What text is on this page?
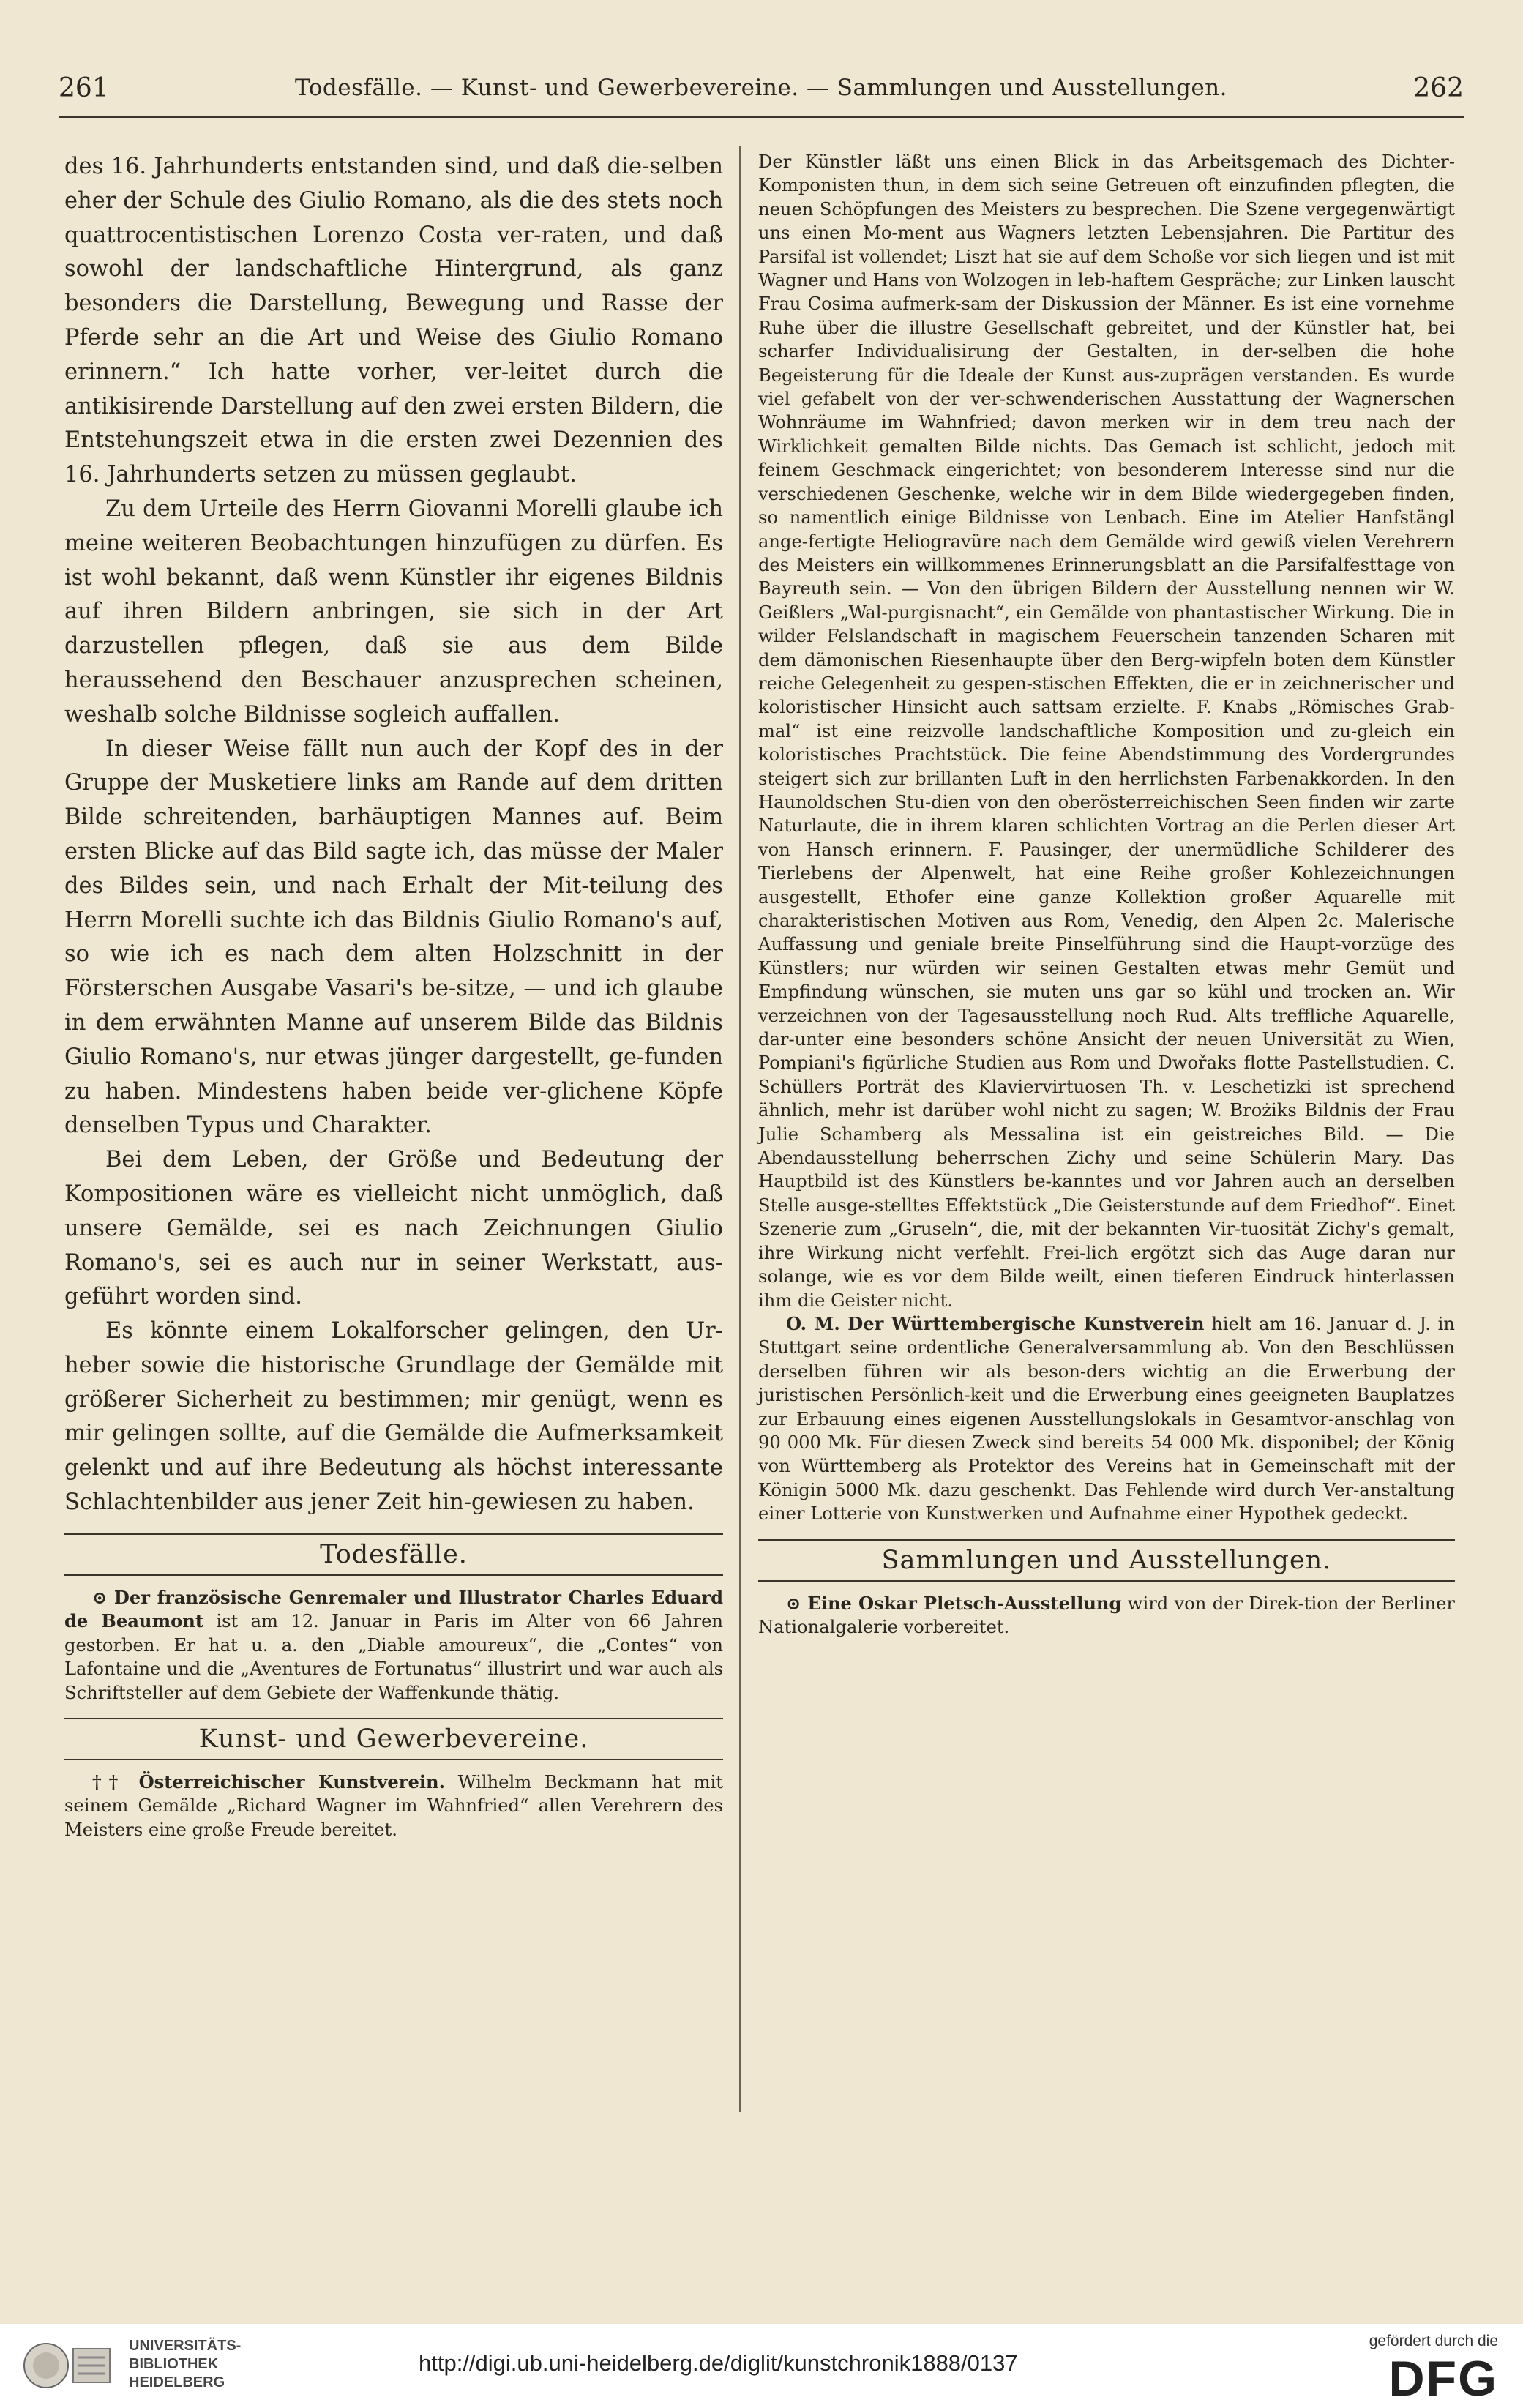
261	Todesfälle. — Kunst- und Gewerbevereine. — Sammlungen und Ausstellungen.	262

des 16. Jahrhunderts entstanden sind, und daß die-selben eher der Schule des Giulio Romano, als die des stets noch quattrocentistischen Lorenzo Costa ver-raten, und daß sowohl der landschaftliche Hintergrund, als ganz besonders die Darstellung, Bewegung und Rasse der Pferde sehr an die Art und Weise des Giulio Romano erinnern.“ Ich hatte vorher, ver-leitet durch die antikisirende Darstellung auf den zwei ersten Bildern, die Entstehungszeit etwa in die ersten zwei Dezennien des 16. Jahrhunderts setzen zu müssen geglaubt.

Zu dem Urteile des Herrn Giovanni Morelli glaube ich meine weiteren Beobachtungen hinzufügen zu dürfen. Es ist wohl bekannt, daß wenn Künstler ihr eigenes Bildnis auf ihren Bildern anbringen, sie sich in der Art darzustellen pflegen, daß sie aus dem Bilde heraussehend den Beschauer anzusprechen scheinen, weshalb solche Bildnisse sogleich auffallen.

In dieser Weise fällt nun auch der Kopf des in der Gruppe der Musketiere links am Rande auf dem dritten Bilde schreitenden, barhäuptigen Mannes auf. Beim ersten Blicke auf das Bild sagte ich, das müsse der Maler des Bildes sein, und nach Erhalt der Mit-teilung des Herrn Morelli suchte ich das Bildnis Giulio Romano's auf, so wie ich es nach dem alten Holzschnitt in der Försterschen Ausgabe Vasari's be-sitze, — und ich glaube in dem erwähnten Manne auf unserem Bilde das Bildnis Giulio Romano's, nur etwas jünger dargestellt, ge-funden zu haben. Mindestens haben beide ver-glichene Köpfe denselben Typus und Charakter.

Bei dem Leben, der Größe und Bedeutung der Kompositionen wäre es vielleicht nicht unmöglich, daß unsere Gemälde, sei es nach Zeichnungen Giulio Romano's, sei es auch nur in seiner Werkstatt, aus-geführt worden sind.

Es könnte einem Lokalforscher gelingen, den Ur-heber sowie die historische Grundlage der Gemälde mit größerer Sicherheit zu bestimmen; mir genügt, wenn es mir gelingen sollte, auf die Gemälde die Aufmerksamkeit gelenkt und auf ihre Bedeutung als höchst interessante Schlachtenbilder aus jener Zeit hin-gewiesen zu haben.

Todesfälle.

⊙ Der französische Genremaler und Illustrator Charles Eduard de Beaumont ist am 12. Januar in Paris im Alter von 66 Jahren gestorben. Er hat u. a. den „Diable amoureux“, die „Contes“ von Lafontaine und die „Aventures de Fortunatus“ illustrirt und war auch als Schriftsteller auf dem Gebiete der Waffenkunde thätig.

Kunst- und Gewerbevereine.

†† Österreichischer Kunstverein. Wilhelm Beckmann hat mit seinem Gemälde „Richard Wagner im Wahnfried“ allen Verehrern des Meisters eine große Freude bereitet.

Der Künstler läßt uns einen Blick in das Arbeitsgemach des Dichter-Komponisten thun, in dem sich seine Getreuen oft einzufinden pflegten, die neuen Schöpfungen des Meisters zu besprechen. Die Szene vergegenwärtigt uns einen Mo-ment aus Wagners letzten Lebensjahren. Die Partitur des Parsifal ist vollendet; Liszt hat sie auf dem Schoße vor sich liegen und ist mit Wagner und Hans von Wolzogen in leb-haftem Gespräche; zur Linken lauscht Frau Cosima aufmerk-sam der Diskussion der Männer. Es ist eine vornehme Ruhe über die illustre Gesellschaft gebreitet, und der Künstler hat, bei scharfer Individualisirung der Gestalten, in der-selben die hohe Begeisterung für die Ideale der Kunst aus-zuprägen verstanden. Es wurde viel gefabelt von der ver-schwenderischen Ausstattung der Wagnerschen Wohnräume im Wahnfried; davon merken wir in dem treu nach der Wirklichkeit gemalten Bilde nichts. Das Gemach ist schlicht, jedoch mit feinem Geschmack eingerichtet; von besonderem Interesse sind nur die verschiedenen Geschenke, welche wir in dem Bilde wiedergegeben finden, so namentlich einige Bildnisse von Lenbach. Eine im Atelier Hanfstängl ange-fertigte Heliogravüre nach dem Gemälde wird gewiß vielen Verehrern des Meisters ein willkommenes Erinnerungsblatt an die Parsifalfesttage von Bayreuth sein. — Von den übrigen Bildern der Ausstellung nennen wir W. Geißlers „Wal-purgisnacht“, ein Gemälde von phantastischer Wirkung. Die in wilder Felslandschaft in magischem Feuerschein tanzenden Scharen mit dem dämonischen Riesenhaupte über den Berg-wipfeln boten dem Künstler reiche Gelegenheit zu gespen-stischen Effekten, die er in zeichnerischer und koloristischer Hinsicht auch sattsam erzielte. F. Knabs „Römisches Grab-mal“ ist eine reizvolle landschaftliche Komposition und zu-gleich ein koloristisches Prachtstück. Die feine Abendstimmung des Vordergrundes steigert sich zur brillanten Luft in den herrlichsten Farbenakkorden. In den Haunoldschen Stu-dien von den oberösterreichischen Seen finden wir zarte Naturlaute, die in ihrem klaren schlichten Vortrag an die Perlen dieser Art von Hansch erinnern. F. Pausinger, der unermüdliche Schilderer des Tierlebens der Alpenwelt, hat eine Reihe großer Kohlezeichnungen ausgestellt, Ethofer eine ganze Kollektion großer Aquarelle mit charakteristischen Motiven aus Rom, Venedig, den Alpen 2c. Malerische Auffassung und geniale breite Pinselführung sind die Haupt-vorzüge des Künstlers; nur würden wir seinen Gestalten etwas mehr Gemüt und Empfindung wünschen, sie muten uns gar so kühl und trocken an. Wir verzeichnen von der Tagesausstellung noch Rud. Alts treffliche Aquarelle, dar-unter eine besonders schöne Ansicht der neuen Universität zu Wien, Pompiani's figürliche Studien aus Rom und Dwořaks flotte Pastellstudien. C. Schüllers Porträt des Klaviervirtuosen Th. v. Leschetizki ist sprechend ähnlich, mehr ist darüber wohl nicht zu sagen; W. Brożiks Bildnis der Frau Julie Schamberg als Messalina ist ein geistreiches Bild. — Die Abendausstellung beherrschen Zichy und seine Schülerin Mary. Das Hauptbild ist des Künstlers be-kanntes und vor Jahren auch an derselben Stelle ausge-stelltes Effektstück „Die Geisterstunde auf dem Friedhof“. Einet Szenerie zum „Gruseln“, die, mit der bekannten Vir-tuosität Zichy's gemalt, ihre Wirkung nicht verfehlt. Frei-lich ergötzt sich das Auge daran nur solange, wie es vor dem Bilde weilt, einen tieferen Eindruck hinterlassen ihm die Geister nicht.

O. M. Der Württembergische Kunstverein hielt am 16. Januar d. J. in Stuttgart seine ordentliche Generalversammlung ab. Von den Beschlüssen derselben führen wir als beson-ders wichtig an die Erwerbung der juristischen Persönlich-keit und die Erwerbung eines geeigneten Bauplatzes zur Erbauung eines eigenen Ausstellungslokals in Gesamtvor-anschlag von 90 000 Mk. Für diesen Zweck sind bereits 54 000 Mk. disponibel; der König von Württemberg als Protektor des Vereins hat in Gemeinschaft mit der Königin 5000 Mk. dazu geschenkt. Das Fehlende wird durch Ver-anstaltung einer Lotterie von Kunstwerken und Aufnahme einer Hypothek gedeckt.

Sammlungen und Ausstellungen.

⊙ Eine Oskar Pletsch-Ausstellung wird von der Direk-tion der Berliner Nationalgalerie vorbereitet.

UNIVERSITÄTS-
BIBLIOTHEK
HEIDELBERG
http://digi.ub.uni-heidelberg.de/diglit/kunstchronik1888/0137
gefördert durch die
DFG
